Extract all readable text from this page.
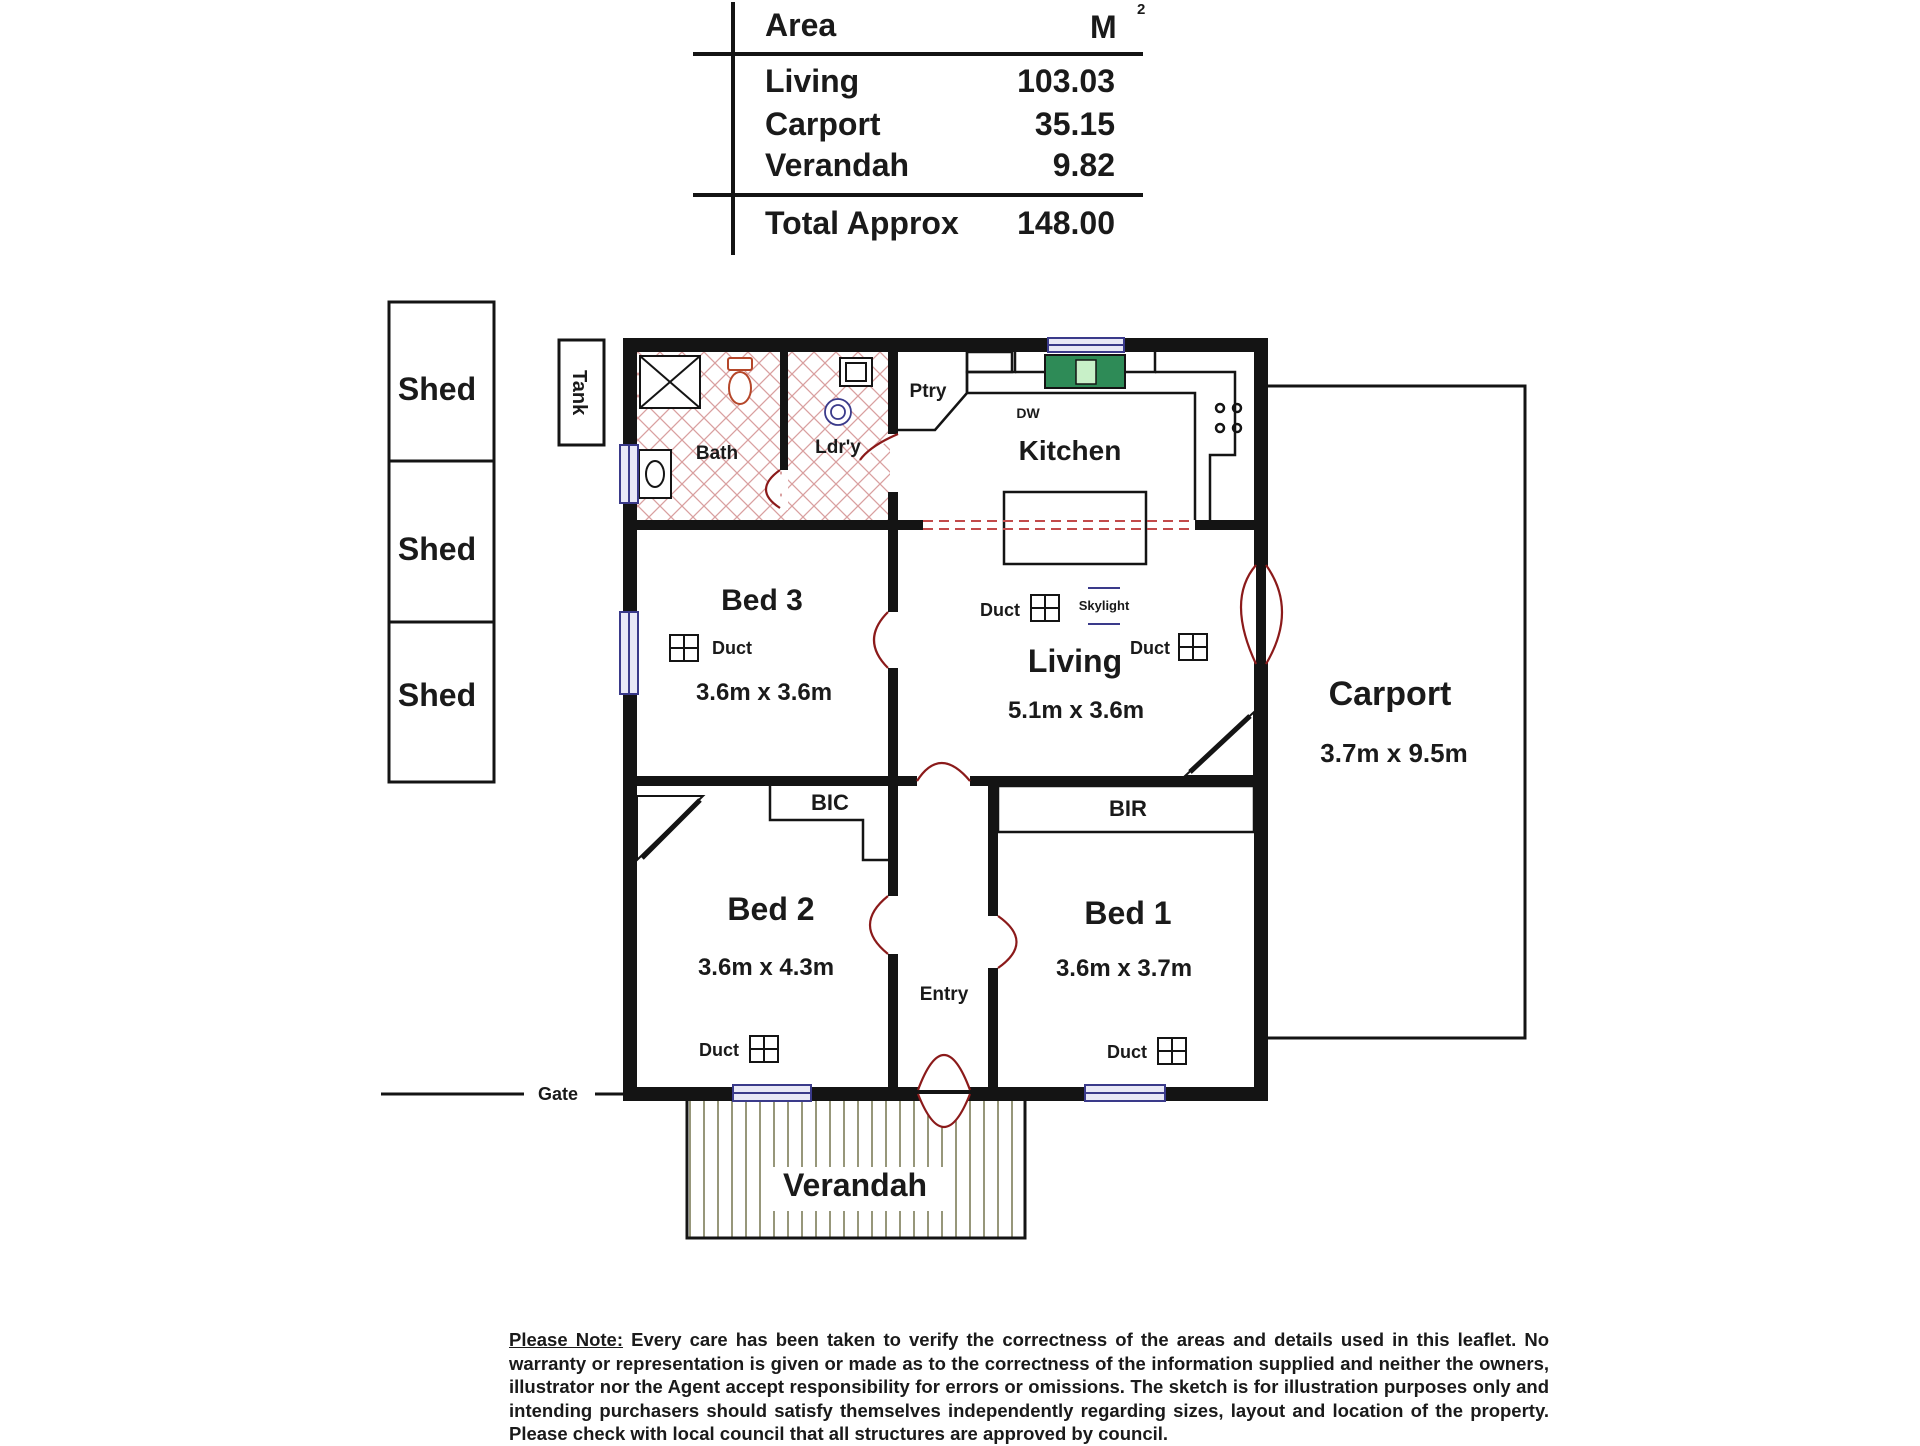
Area	M 2
Living	103.03
Carport	35.15
Verandah	9.82
Total Approx 148.00
Shed
Shed
Shed
Tank
Carport
3.7m x 9.5m
Verandah
Gate
Ptry
DW
Kitchen
Bath	Ldr'y
BIC	BIR
Bed 3
3.6m x 3.6m
Living
5.1m x 3.6m
Bed 2
3.6m x 4.3m
Bed 1
3.6m x 3.7m
Entry
Duct
Duct
Duct
Duct	Duct
Skylight
Please Note: Every care has been taken to verify the correctness of the areas and details used in this leaflet. No warranty or representation is given or made as to the correctness of the information supplied and neither the owners, illustrator nor the Agent accept responsibility for errors or omissions. The sketch is for illustration purposes only and intending purchasers should satisfy themselves independently regarding sizes, layout and location of the property. Please check with local council that all structures are approved by council.
